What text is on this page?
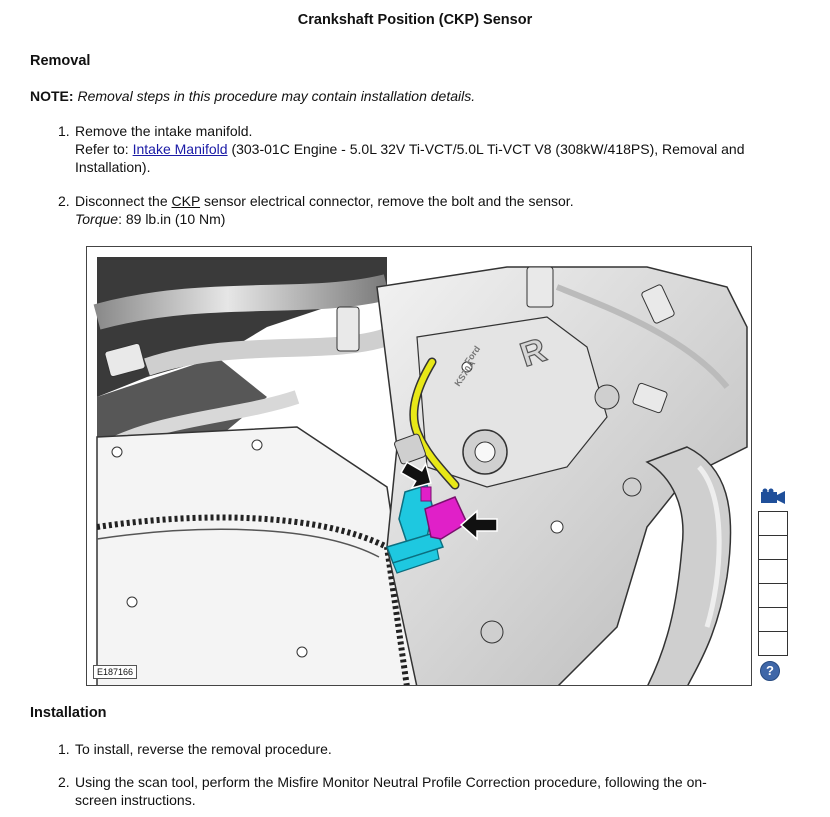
Crankshaft Position (CKP) Sensor
Removal
NOTE: Removal steps in this procedure may contain installation details.
1. Remove the intake manifold.
Refer to: Intake Manifold (303-01C Engine - 5.0L 32V Ti-VCT/5.0L Ti-VCT V8 (308kW/418PS), Removal and Installation).
2. Disconnect the CKP sensor electrical connector, remove the bolt and the sensor.
Torque: 89 lb.in (10 Nm)
R
Ford
KS70A
E187166	?
Installation
1. To install, reverse the removal procedure.
2. Using the scan tool, perform the Misfire Monitor Neutral Profile Correction procedure, following the on-screen instructions.
